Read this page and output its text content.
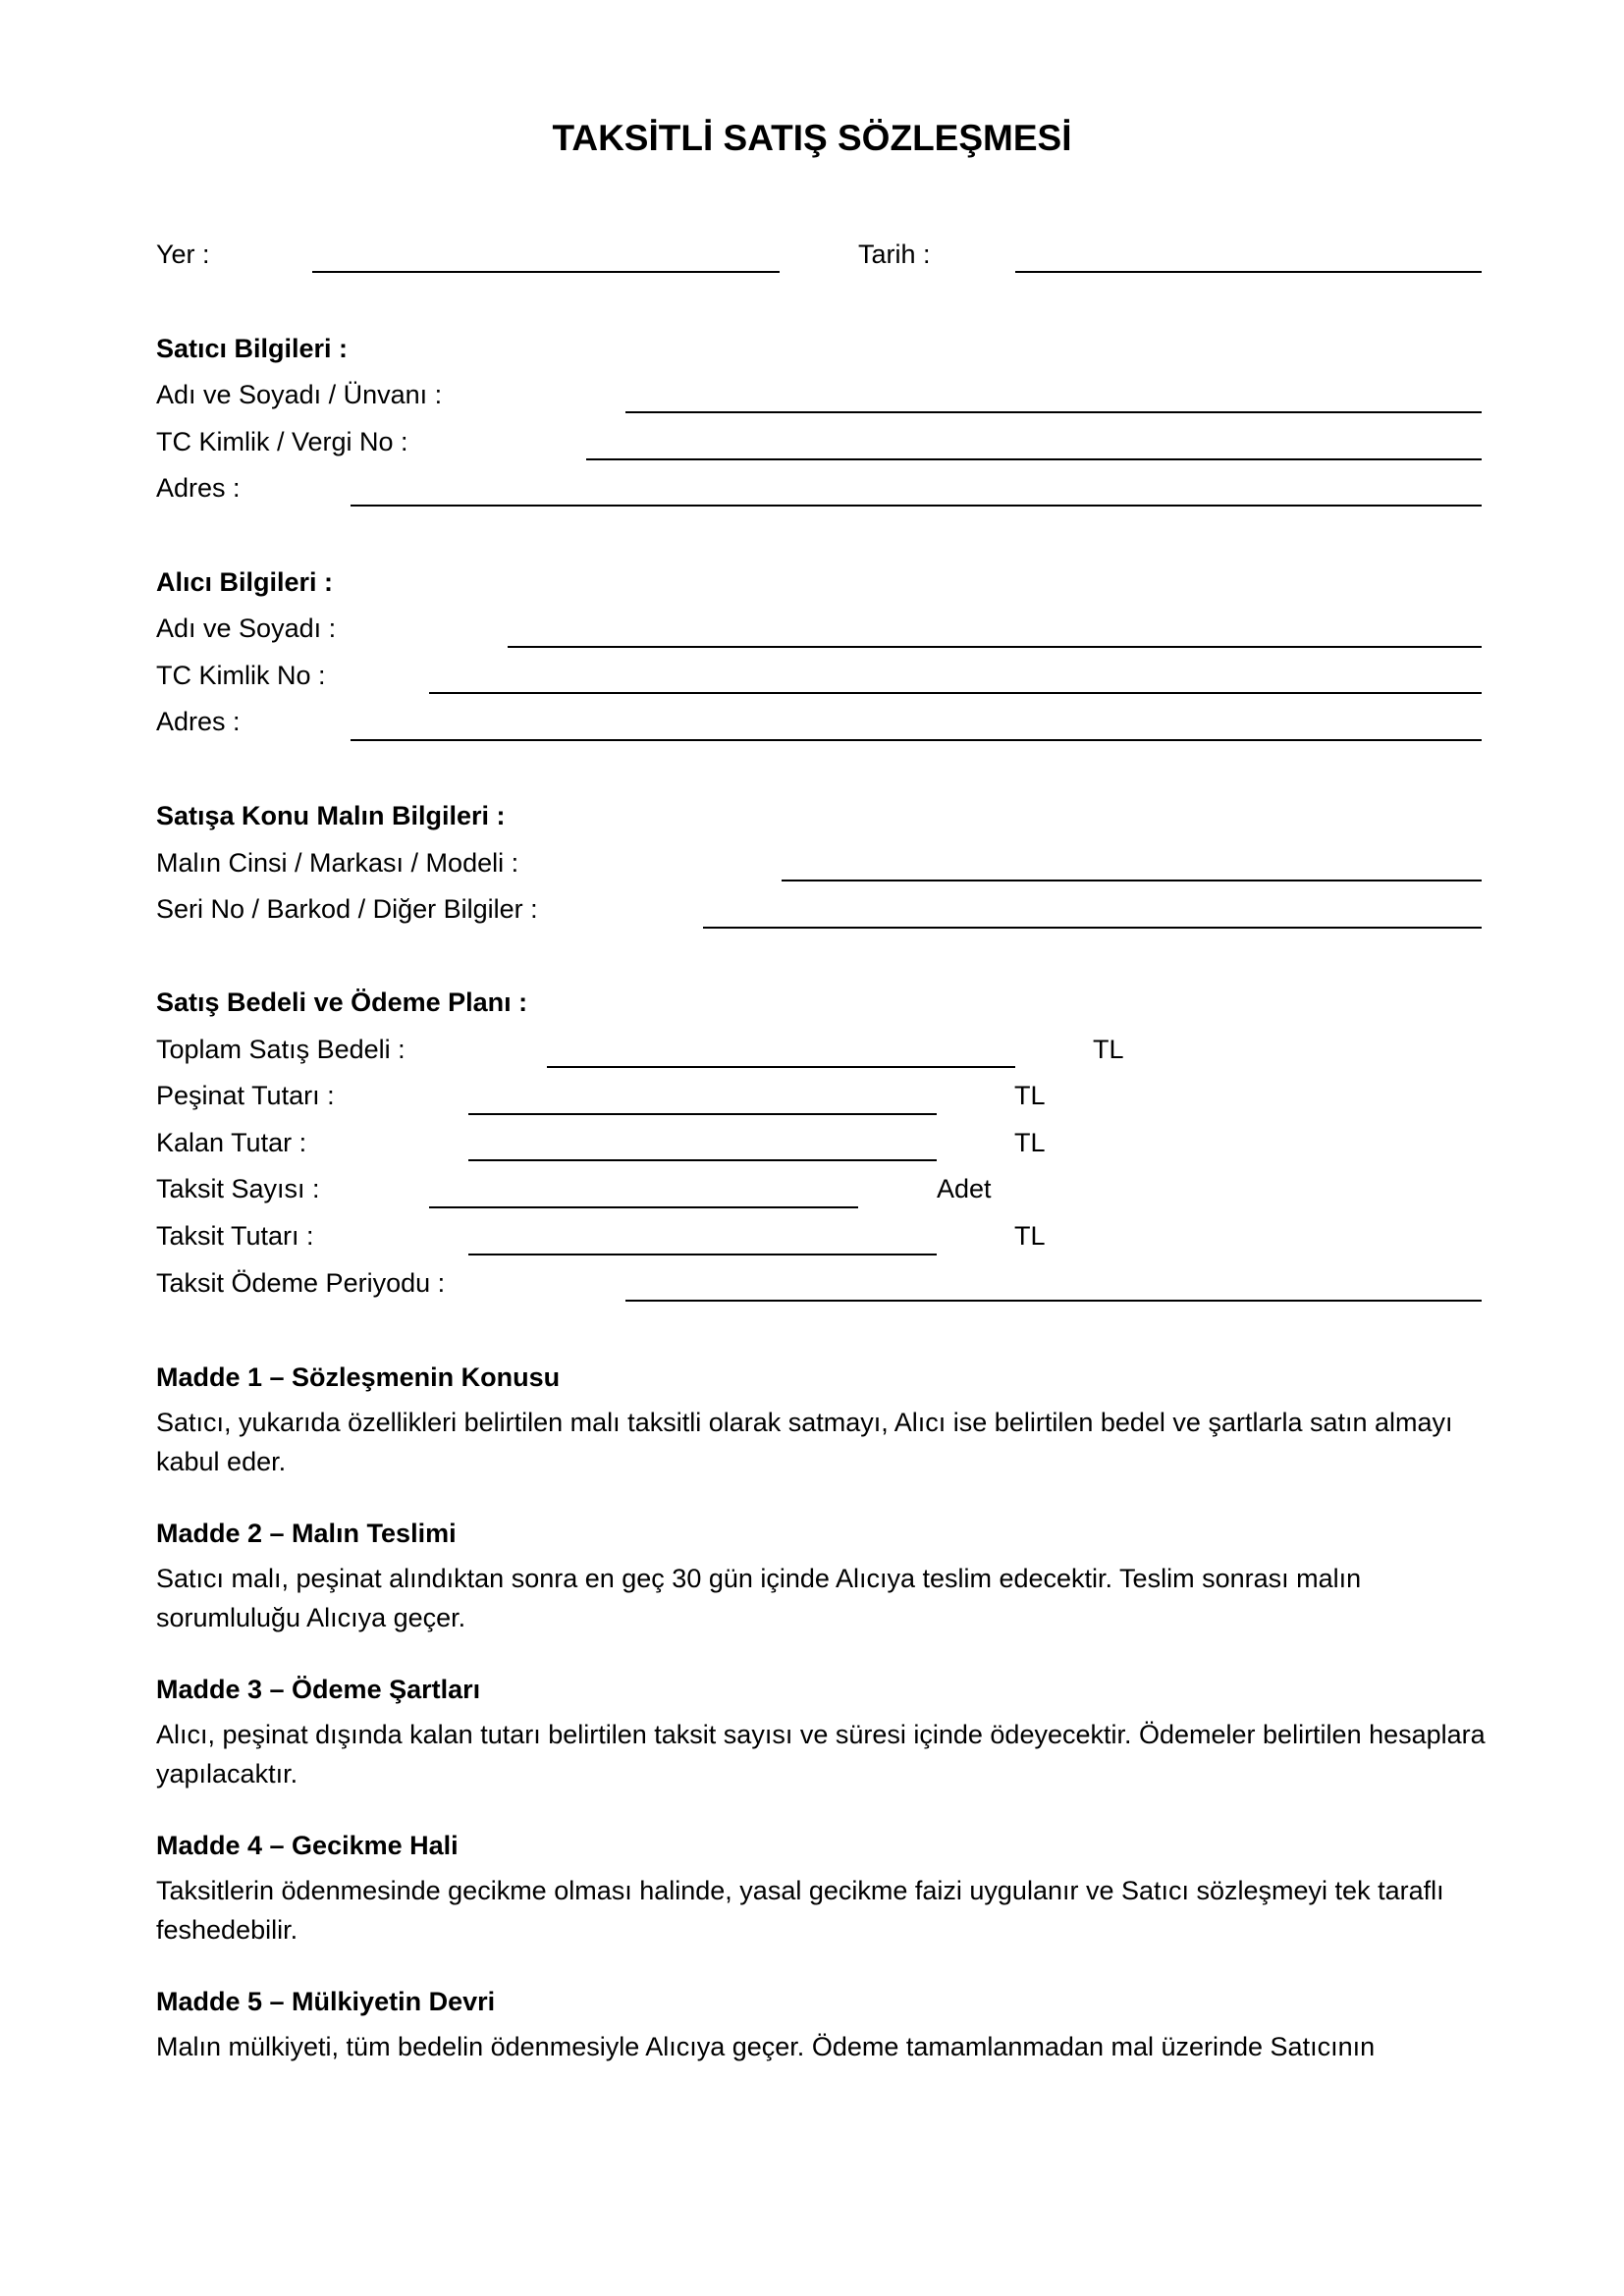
TAKSİTLİ SATIŞ SÖZLEŞMESİ
Yer :	Tarih :
Satıcı Bilgileri :
Adı ve Soyadı / Ünvanı :
TC Kimlik / Vergi No :
Adres :
Alıcı Bilgileri :
Adı ve Soyadı :
TC Kimlik No :
Adres :
Satışa Konu Malın Bilgileri :
Malın Cinsi / Markası / Modeli :
Seri No / Barkod / Diğer Bilgiler :
Satış Bedeli ve Ödeme Planı :
Toplam Satış Bedeli :	TL
Peşinat Tutarı :	TL
Kalan Tutar :	TL
Taksit Sayısı :	Adet
Taksit Tutarı :	TL
Taksit Ödeme Periyodu :
Madde 1 – Sözleşmenin Konusu
Satıcı, yukarıda özellikleri belirtilen malı taksitli olarak satmayı, Alıcı ise belirtilen bedel ve şartlarla satın almayı kabul eder.
Madde 2 – Malın Teslimi
Satıcı malı, peşinat alındıktan sonra en geç 30 gün içinde Alıcıya teslim edecektir. Teslim sonrası malın sorumluluğu Alıcıya geçer.
Madde 3 – Ödeme Şartları
Alıcı, peşinat dışında kalan tutarı belirtilen taksit sayısı ve süresi içinde ödeyecektir. Ödemeler belirtilen hesaplara yapılacaktır.
Madde 4 – Gecikme Hali
Taksitlerin ödenmesinde gecikme olması halinde, yasal gecikme faizi uygulanır ve Satıcı sözleşmeyi tek taraflı feshedebilir.
Madde 5 – Mülkiyetin Devri
Malın mülkiyeti, tüm bedelin ödenmesiyle Alıcıya geçer. Ödeme tamamlanmadan mal üzerinde Satıcının
